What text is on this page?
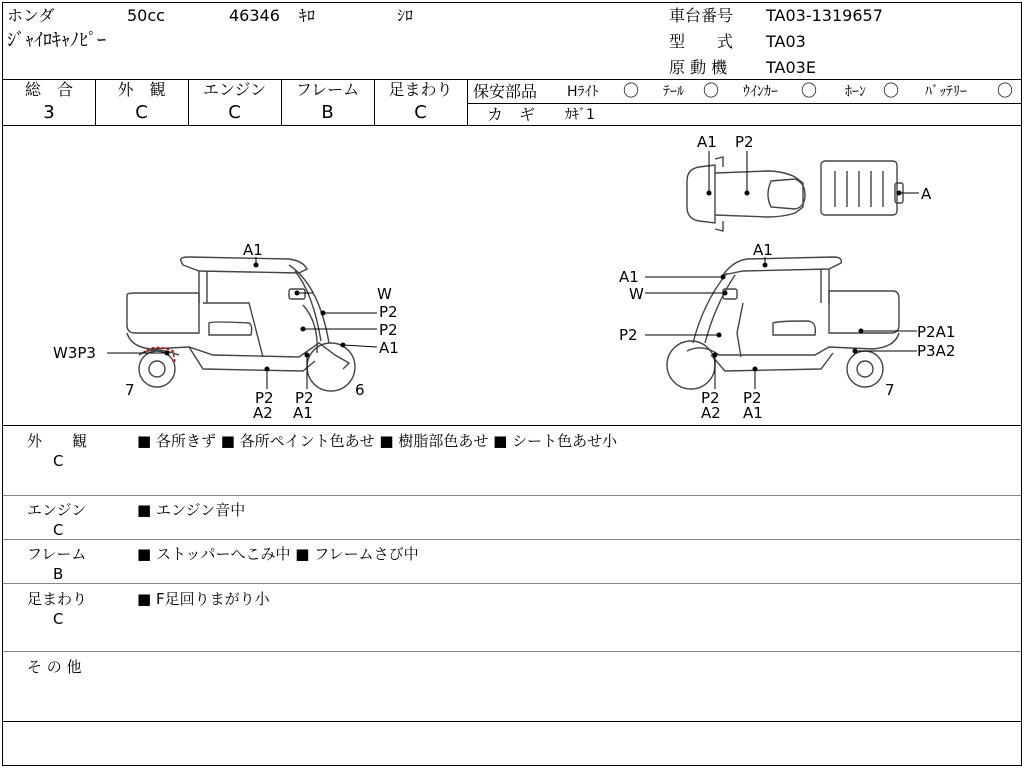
ホンダ	50cc	46346 ｷﾛ	ｼﾛ
ｼﾞｬｲﾛｷｬﾉﾋﾟｰ
車台番号 TA03-1319657
型　　式 TA03
原 動 機 TA03E
総　合
3
外　観
C
エンジン
C
フレーム
B
足まわり
C
保安部品 Hﾗｲﾄ 〇 ﾃｰﾙ 〇 ｳｲﾝｶｰ 〇 ﾎｰﾝ 〇 ﾊﾞｯﾃﾘｰ 〇
カ　ギ ｶｷﾞ1
A1
W
P2
P2
A1
W3P3
7	6
P2
A2
P2
A1
A1
A1
W
P2	P2A1
P3A2
7
P2
A2
P2
A1
A1 P2
A
外　　観
C
■ 各所きず ■ 各所ペイント色あせ ■ 樹脂部色あせ ■ シート色あせ小
エンジン
C
■ エンジン音中
フレーム
B
■ ストッパーへこみ中 ■ フレームさび中
足まわり
C
■ F足回りまがり小
そ の 他
